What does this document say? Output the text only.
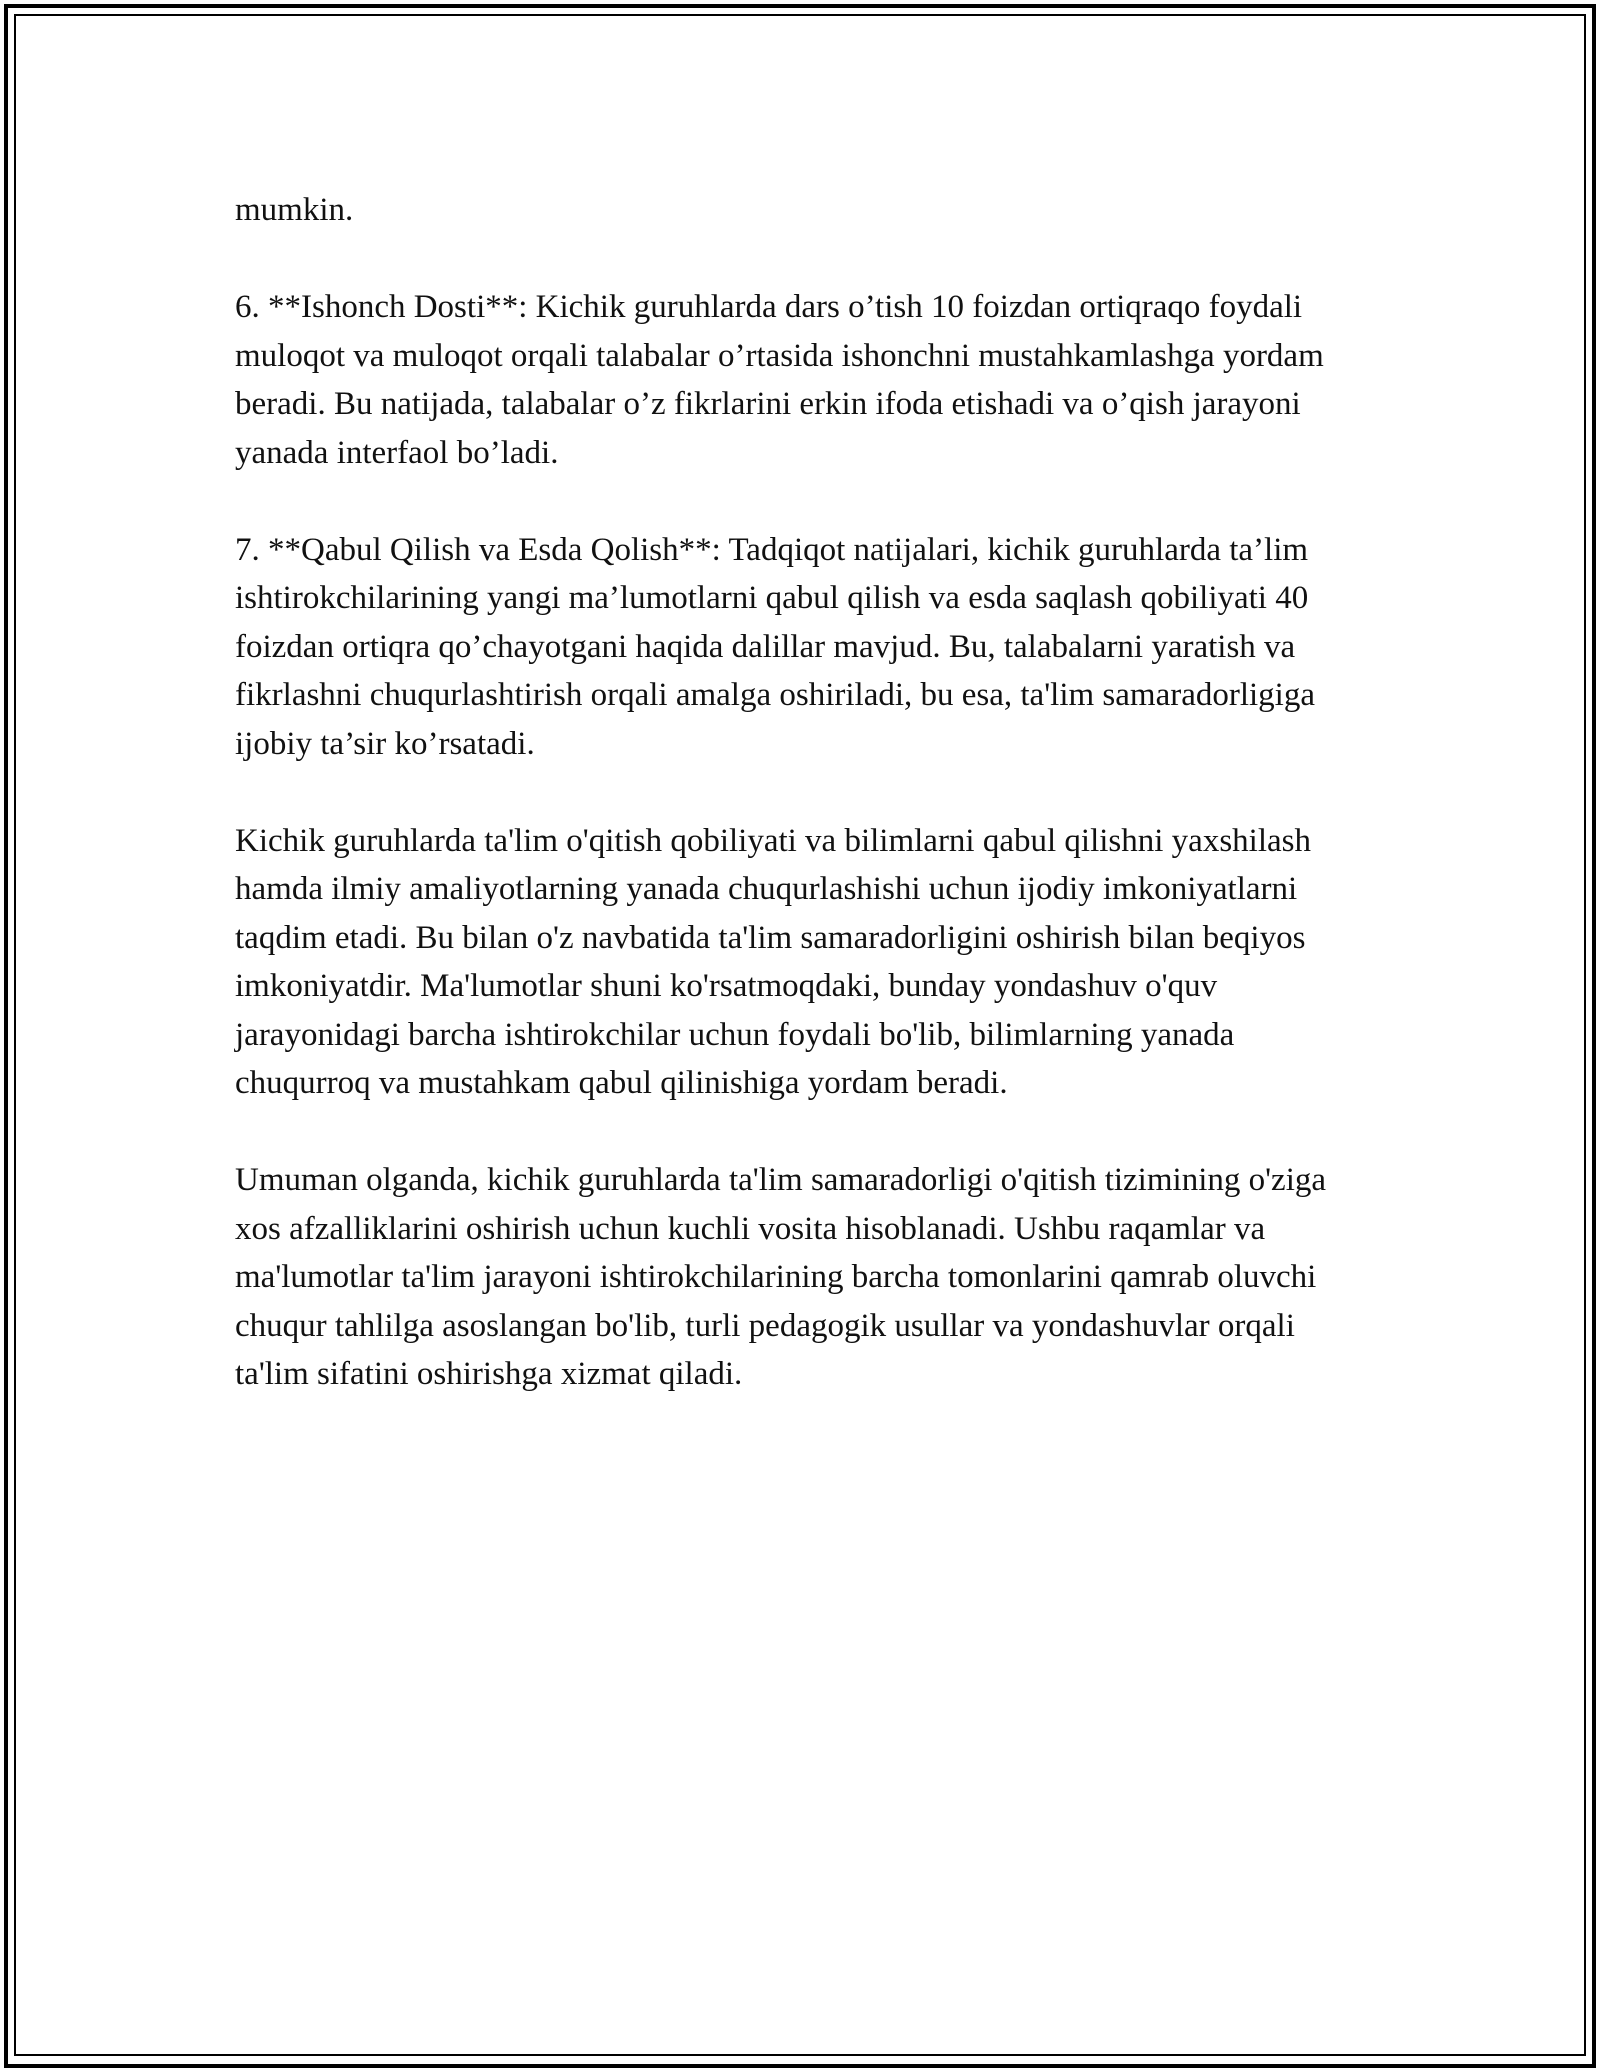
mumkin.

6. **Ishonch Dosti**: Kichik guruhlarda dars o’tish 10 foizdan ortiqraqo foydali muloqot va muloqot orqali talabalar o’rtasida ishonchni mustahkamlashga yordam beradi. Bu natijada, talabalar o’z fikrlarini erkin ifoda etishadi va o’qish jarayoni yanada interfaol bo’ladi.

7. **Qabul Qilish va Esda Qolish**: Tadqiqot natijalari, kichik guruhlarda ta’lim ishtirokchilarining yangi ma’lumotlarni qabul qilish va esda saqlash qobiliyati 40 foizdan ortiqra qo’chayotgani haqida dalillar mavjud. Bu, talabalarni yaratish va fikrlashni chuqurlashtirish orqali amalga oshiriladi, bu esa, ta'lim samaradorligiga ijobiy ta’sir ko’rsatadi.

Kichik guruhlarda ta'lim o'qitish qobiliyati va bilimlarni qabul qilishni yaxshilash hamda ilmiy amaliyotlarning yanada chuqurlashishi uchun ijodiy imkoniyatlarni taqdim etadi. Bu bilan o'z navbatida ta'lim samaradorligini oshirish bilan beqiyos imkoniyatdir. Ma'lumotlar shuni ko'rsatmoqdaki, bunday yondashuv o'quv jarayonidagi barcha ishtirokchilar uchun foydali bo'lib, bilimlarning yanada chuqurroq va mustahkam qabul qilinishiga yordam beradi.

Umuman olganda, kichik guruhlarda ta'lim samaradorligi o'qitish tizimining o'ziga xos afzalliklarini oshirish uchun kuchli vosita hisoblanadi. Ushbu raqamlar va ma'lumotlar ta'lim jarayoni ishtirokchilarining barcha tomonlarini qamrab oluvchi chuqur tahlilga asoslangan bo'lib, turli pedagogik usullar va yondashuvlar orqali ta'lim sifatini oshirishga xizmat qiladi.
